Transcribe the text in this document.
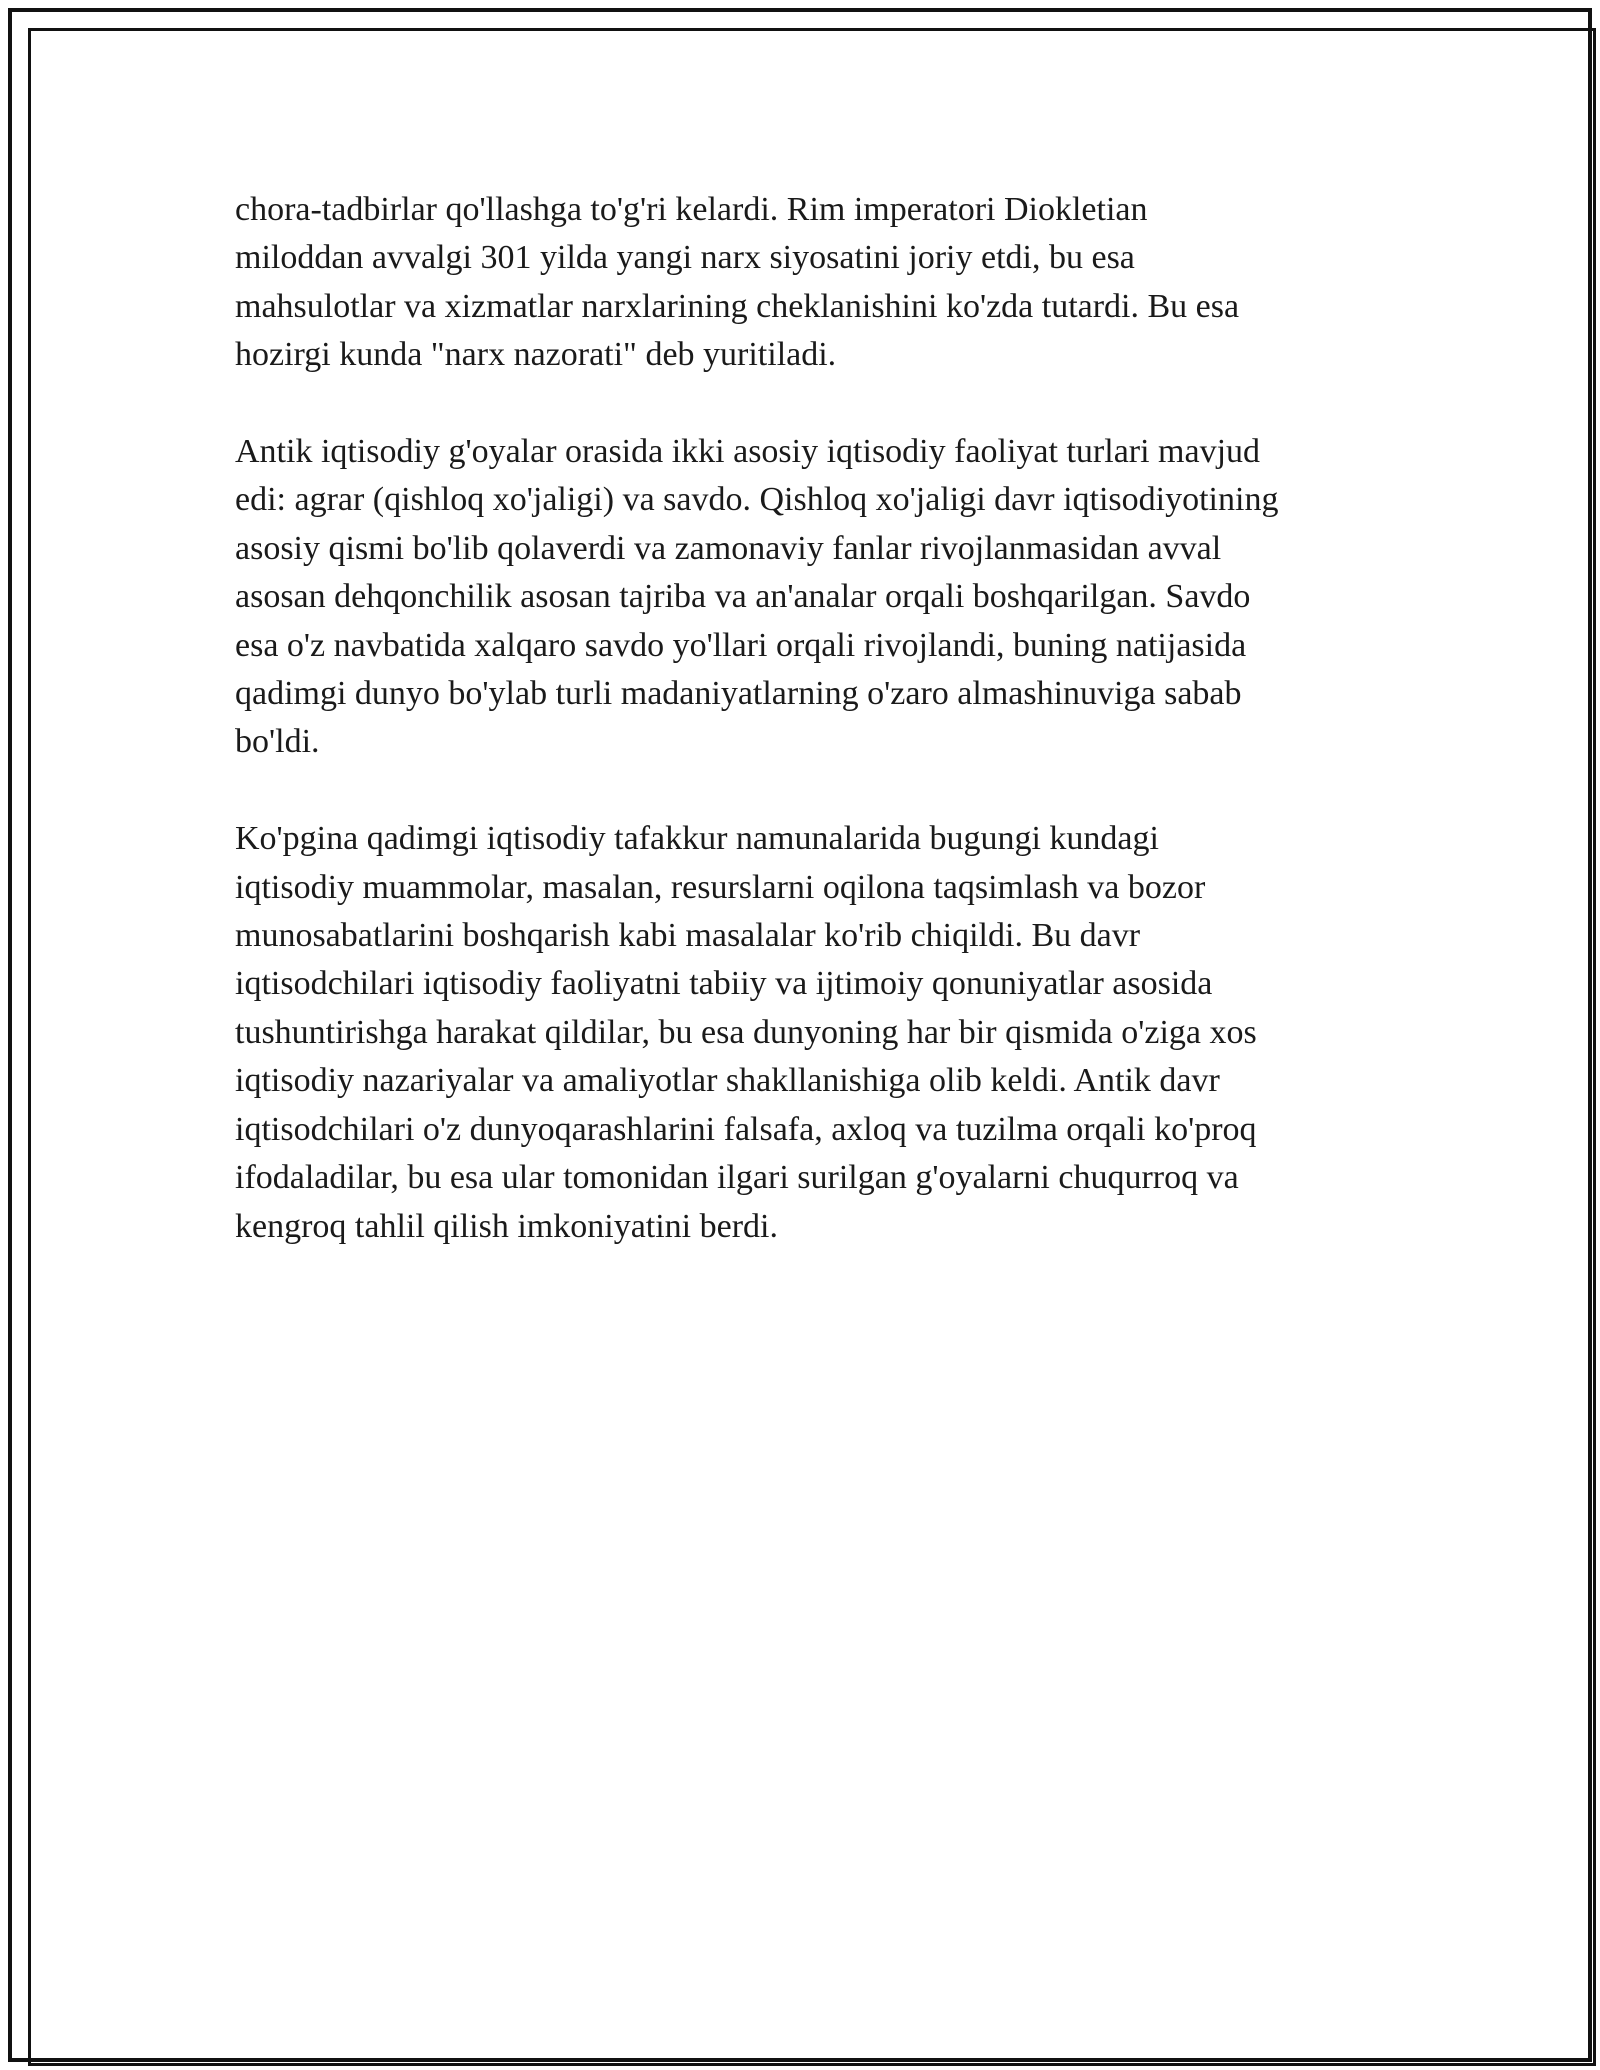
chora-tadbirlar qo'llashga to'g'ri kelardi. Rim imperatori Diokletian
miloddan avvalgi 301 yilda yangi narx siyosatini joriy etdi, bu esa
mahsulotlar va xizmatlar narxlarining cheklanishini ko'zda tutardi. Bu esa
hozirgi kunda "narx nazorati" deb yuritiladi.

Antik iqtisodiy g'oyalar orasida ikki asosiy iqtisodiy faoliyat turlari mavjud
edi: agrar (qishloq xo'jaligi) va savdo. Qishloq xo'jaligi davr iqtisodiyotining
asosiy qismi bo'lib qolaverdi va zamonaviy fanlar rivojlanmasidan avval
asosan dehqonchilik asosan tajriba va an'analar orqali boshqarilgan. Savdo
esa o'z navbatida xalqaro savdo yo'llari orqali rivojlandi, buning natijasida
qadimgi dunyo bo'ylab turli madaniyatlarning o'zaro almashinuviga sabab
bo'ldi.

Ko'pgina qadimgi iqtisodiy tafakkur namunalarida bugungi kundagi
iqtisodiy muammolar, masalan, resurslarni oqilona taqsimlash va bozor
munosabatlarini boshqarish kabi masalalar ko'rib chiqildi. Bu davr
iqtisodchilari iqtisodiy faoliyatni tabiiy va ijtimoiy qonuniyatlar asosida
tushuntirishga harakat qildilar, bu esa dunyoning har bir qismida o'ziga xos
iqtisodiy nazariyalar va amaliyotlar shakllanishiga olib keldi. Antik davr
iqtisodchilari o'z dunyoqarashlarini falsafa, axloq va tuzilma orqali ko'proq
ifodaladilar, bu esa ular tomonidan ilgari surilgan g'oyalarni chuqurroq va
kengroq tahlil qilish imkoniyatini berdi.
